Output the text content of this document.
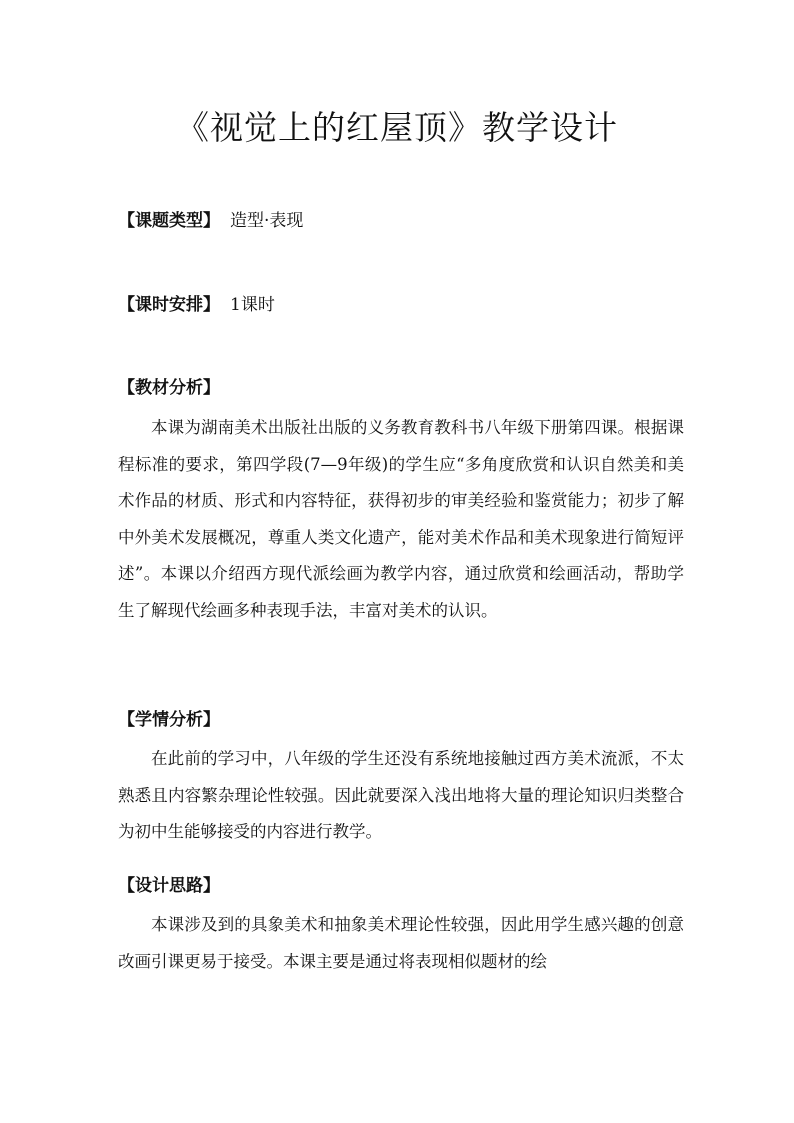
《视觉上的红屋顶》教学设计
【课题类型】 造型·表现
【课时安排】 1课时
【教材分析】

本课为湖南美术出版社出版的义务教育教科书八年级下册第四课。根据课程标准的要求，第四学段(7—9年级)的学生应“多角度欣赏和认识自然美和美术作品的材质、形式和内容特征，获得初步的审美经验和鉴赏能力；初步了解中外美术发展概况，尊重人类文化遗产，能对美术作品和美术现象进行简短评述”。本课以介绍西方现代派绘画为教学内容，通过欣赏和绘画活动，帮助学生了解现代绘画多种表现手法，丰富对美术的认识。

【学情分析】

在此前的学习中，八年级的学生还没有系统地接触过西方美术流派，不太熟悉且内容繁杂理论性较强。因此就要深入浅出地将大量的理论知识归类整合为初中生能够接受的内容进行教学。

【设计思路】

本课涉及到的具象美术和抽象美术理论性较强，因此用学生感兴趣的创意改画引课更易于接受。本课主要是通过将表现相似题材的绘
